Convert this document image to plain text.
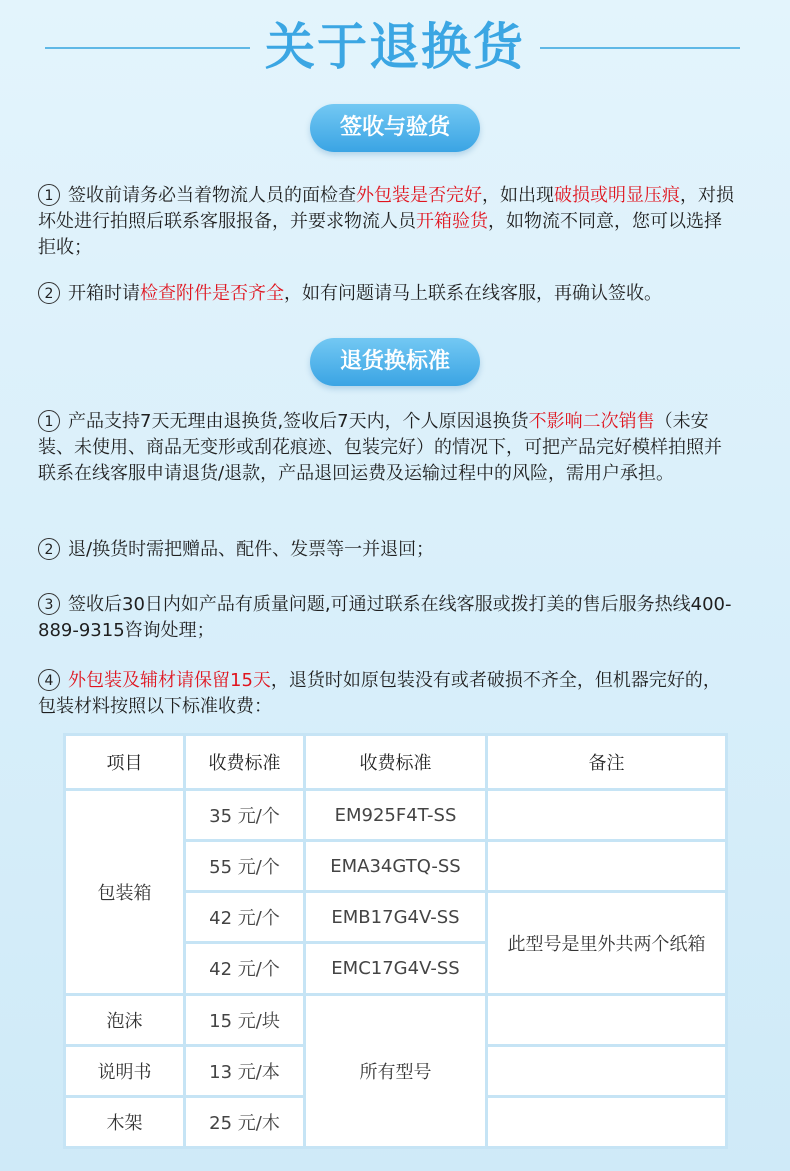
关于退换货
签收与验货
1 签收前请务必当着物流人员的面检查外包装是否完好，如出现破损或明显压痕，对损坏处进行拍照后联系客服报备，并要求物流人员开箱验货，如物流不同意，您可以选择拒收；
2 开箱时请检查附件是否齐全，如有问题请马上联系在线客服，再确认签收。
退货换标准
1 产品支持7天无理由退换货,签收后7天内，个人原因退换货不影响二次销售（未安装、未使用、商品无变形或刮花痕迹、包装完好）的情况下，可把产品完好模样拍照并联系在线客服申请退货/退款，产品退回运费及运输过程中的风险，需用户承担。
2 退/换货时需把赠品、配件、发票等一并退回；
3 签收后30日内如产品有质量问题,可通过联系在线客服或拨打美的售后服务热线400-889-9315咨询处理；
4 外包装及辅材请保留15天，退货时如原包装没有或者破损不齐全，但机器完好的，包装材料按照以下标准收费：
项目	收费标准	收费标准	备注
包装箱	35 元/个	EM925F4T-SS	
	55 元/个	EMA34GTQ-SS	
	42 元/个	EMB17G4V-SS	此型号是里外共两个纸箱
	42 元/个	EMC17G4V-SS	
泡沫	15 元/块	所有型号	
说明书	13 元/本		
木架	25 元/木		
